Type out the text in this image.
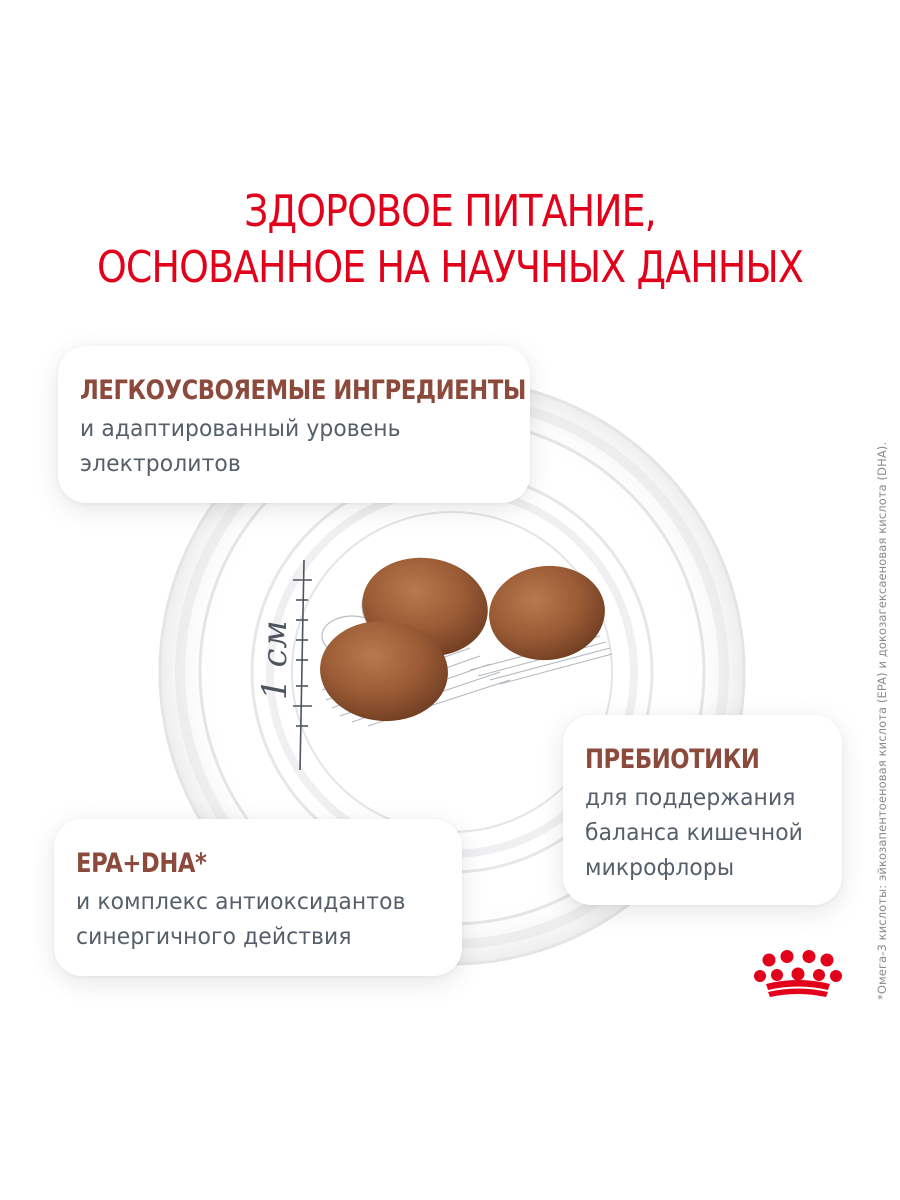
1 см
ЗДОРОВОЕ ПИТАНИЕ,
ОСНОВАННОЕ НА НАУЧНЫХ ДАННЫХ
ЛЕГКОУСВОЯЕМЫЕ ИНГРЕДИЕНТЫ
и адаптированный уровень
электролитов
ПРЕБИОТИКИ
для поддержания
баланса кишечной
микрофлоры
EPA+DHA*
и комплекс антиоксидантов
синергичного действия	*Омега-3 кислоты: эйкозапентоеновая кислота (EPA) и докозагексаеновая кислота (DHA).
